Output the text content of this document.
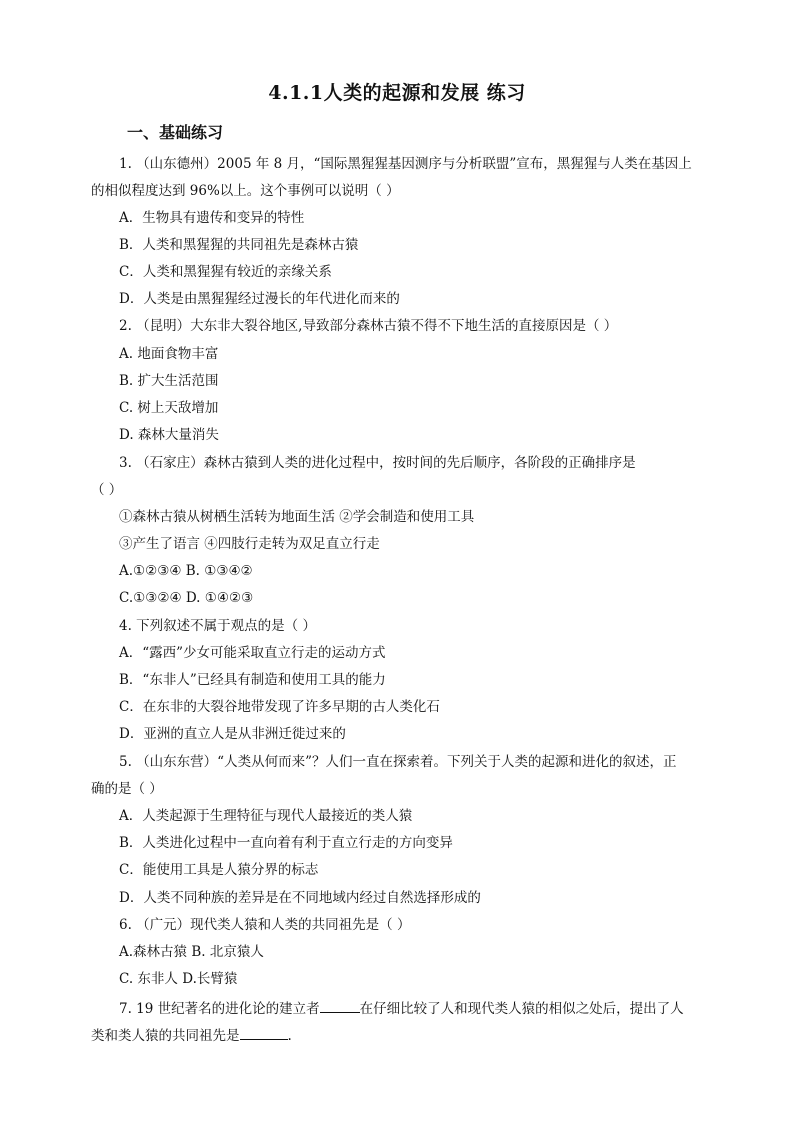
4.1.1人类的起源和发展 练习
一、基础练习
1. （山东德州）2005 年 8 月，“国际黑猩猩基因测序与分析联盟”宣布，黑猩猩与人类在基因上
的相似程度达到 96%以上。这个事例可以说明（ ）
A．生物具有遗传和变异的特性
B．人类和黑猩猩的共同祖先是森林古猿
C．人类和黑猩猩有较近的亲缘关系
D．人类是由黑猩猩经过漫长的年代进化而来的
2. （昆明）大东非大裂谷地区,导致部分森林古猿不得不下地生活的直接原因是（ ）
A. 地面食物丰富
B. 扩大生活范围
C. 树上天敌增加
D. 森林大量消失
3. （石家庄）森林古猿到人类的进化过程中，按时间的先后顺序，各阶段的正确排序是
（ ）
①森林古猿从树栖生活转为地面生活 ②学会制造和使用工具
③产生了语言 ④四肢行走转为双足直立行走
A.①②③④ B. ①③④②
C.①③②④ D. ①④②③
4. 下列叙述不属于观点的是（ ）
A．“露西”少女可能采取直立行走的运动方式
B．“东非人”已经具有制造和使用工具的能力
C．在东非的大裂谷地带发现了许多早期的古人类化石
D．亚洲的直立人是从非洲迁徙过来的
5. （山东东营）“人类从何而来”？人们一直在探索着。下列关于人类的起源和进化的叙述，正
确的是（ ）
A．人类起源于生理特征与现代人最接近的类人猿
B．人类进化过程中一直向着有利于直立行走的方向变异
C．能使用工具是人猿分界的标志
D．人类不同种族的差异是在不同地域内经过自然选择形成的
6. （广元）现代类人猿和人类的共同祖先是（ ）
A.森林古猿 B. 北京猿人
C. 东非人 D.长臂猿
7. 19 世纪著名的进化论的建立者	在仔细比较了人和现代类人猿的相似之处后，提出了人
类和类人猿的共同祖先是	.
